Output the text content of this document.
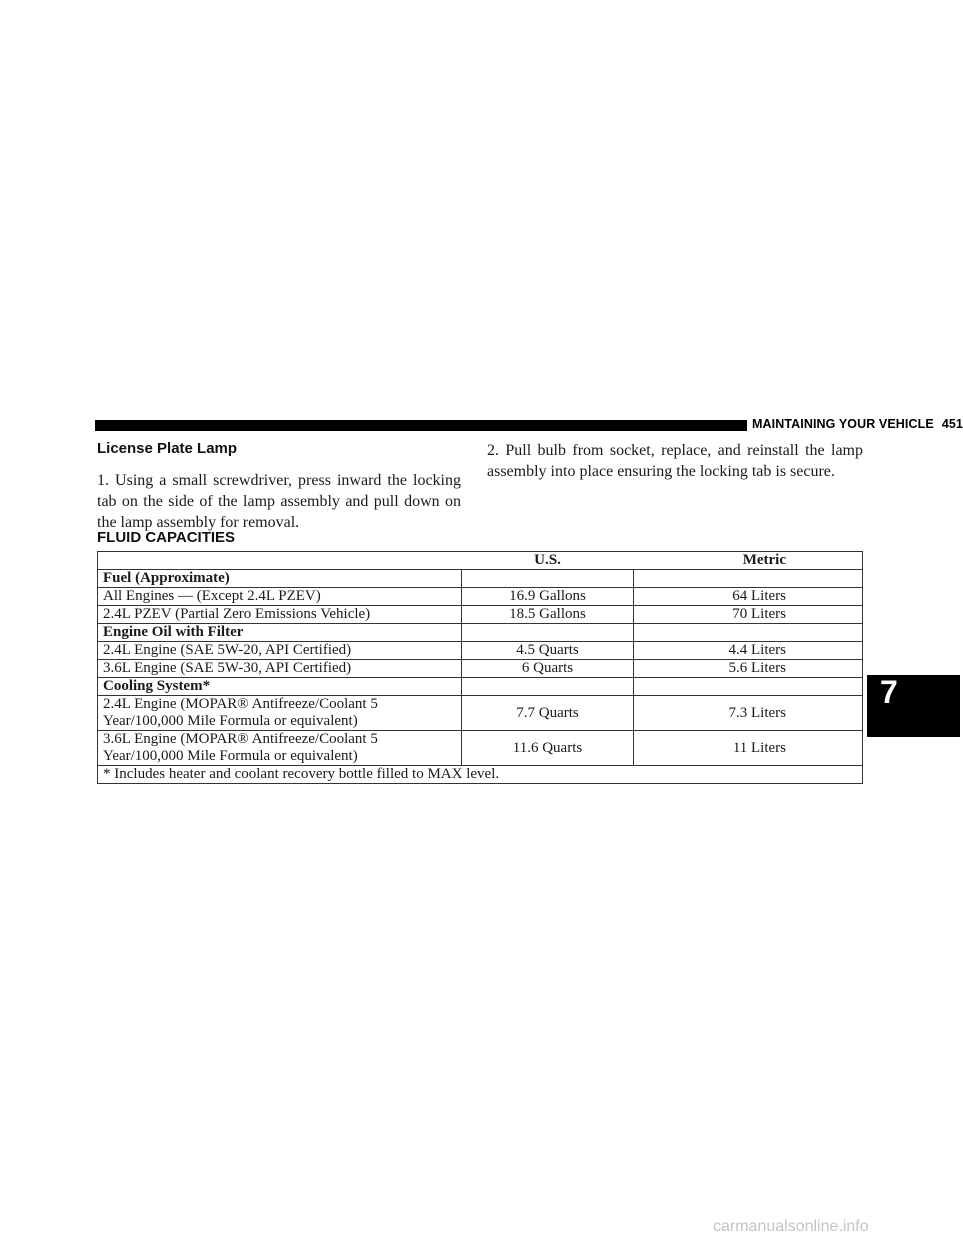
MAINTAINING YOUR VEHICLE 451
License Plate Lamp

1. Using a small screwdriver, press inward the locking tab on the side of the lamp assembly and pull down on the lamp assembly for removal.

2. Pull bulb from socket, replace, and reinstall the lamp assembly into place ensuring the locking tab is secure.

FLUID CAPACITIES
	U.S.	Metric
Fuel (Approximate)		
All Engines — (Except 2.4L PZEV)	16.9 Gallons	64 Liters
2.4L PZEV (Partial Zero Emissions Vehicle)	18.5 Gallons	70 Liters
Engine Oil with Filter		
2.4L Engine (SAE 5W-20, API Certified)	4.5 Quarts	4.4 Liters
3.6L Engine (SAE 5W-30, API Certified)	6 Quarts	5.6 Liters
Cooling System*		
2.4L Engine (MOPAR® Antifreeze/Coolant 5
Year/100,000 Mile Formula or equivalent)	7.7 Quarts	7.3 Liters
3.6L Engine (MOPAR® Antifreeze/Coolant 5
Year/100,000 Mile Formula or equivalent)	11.6 Quarts	11 Liters
* Includes heater and coolant recovery bottle filled to MAX level.		
7
carmanualsonline.info
